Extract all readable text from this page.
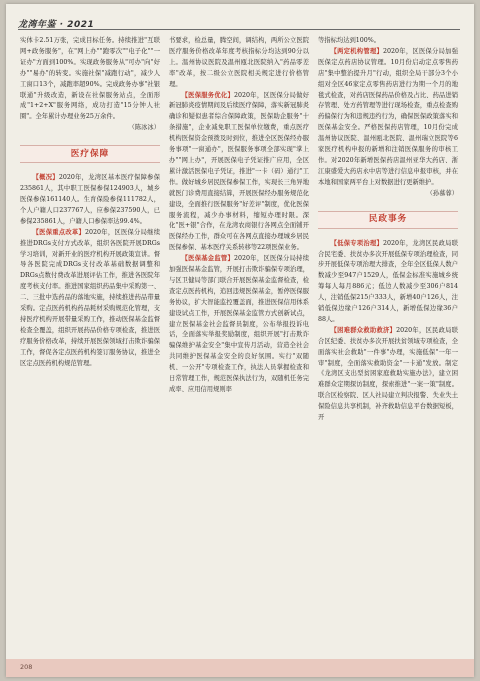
龙湾年鉴 · 2021

实体卡2.51万张，完成目标任务。持续推进"互联网+政务服务"，在"网上办""跑零次""电子化""一证办"方面到100%。实现政务服务从"可办"向"好办""易办"的转变。实施社保"减跑行动"，减少人工窗口13个，减跑率超90%。完成政务办事"社银联通"升级改造，新设在社保服务站点，全面形成"1+2+X"服务网络，成功打造"15分钟人社圈"。全年累计办理业务25万余件。

（陈冰冰）

医疗保障

【概况】2020年，龙湾区基本医疗保障参保235861人，其中职工医保参保124903人，城乡医保参保161140人。生育保险参保111782人，个人户籍人口237767人，应参保237590人，已参保235861人，户籍人口参保率达99.4%。

【医保重点改革】2020年，区医保分局继续推进DRGs支付方式改革，组织各医院开展DRGs学习培训，对新开业的医疗机构开展政策宣讲。督导各医院完成DRGs支付改革基础数据调整和DRGs点数付费改革进展评估工作，推进各医院年度考核支付率。推进国家组织药品集中采购第一、二、三批中选药品的落地实施，持续推进药品带量采购。定点医药机构药品耗材采购规范化管理，支持医疗机构开展带量采购工作，推动医保基金监督检查全覆盖，组织开展药品价格专项检查，推进医疗服务价格改革，持续开展医保领域打击欺诈骗保工作，督促各定点医药机构签订服务协议，推进全区定点医药机构规范管理。

书要求，检总量，腾空间，调结构，两所公立医院医疗服务价格改革年度考核指标分均达到90分以上。温州协议医院及温州瓯北医院纳入"药品零差率"改革，按二级公立医院相关规定进行价格管理。

【医保服务优化】2020年，区医保分局做好新冠肺炎疫情期间及后续医疗保障，落实新冠肺炎确诊和疑似患者综合保障政策，医保助企服务"十条措施"，企业减免职工医保单位缴费，重点医疗机构医保资金预拨及时到位，推进全区医保经办服务事项"一窗通办"，医保服务事项全部实现"掌上办""网上办"，开展医保电子凭证推广应用，全区累计激活医保电子凭证，推进"一卡（码）通行"工作。做好城乡居民医保参保工作，实现长三角异地就医门诊费用直接结算，开展医保经办服务规范化建设，全面推行医保服务"好差评"制度，优化医保服务流程，减少办事材料，缩短办理时限。深化"医+银"合作，在龙湾农商银行各网点全面铺开医保经办工作，群众可在各网点直接办理城乡居民医保参保、基本医疗关系转移等22项医保业务。

【医保基金监管】2020年，区医保分局持续加强医保基金监管，开展打击欺诈骗保专项治理，与区卫健局等部门联合开展医保基金监督检查，检查定点医药机构，追回违规医保基金，暂停医保服务协议，扩大智能监控覆盖面，推进医保信用体系建设试点工作，开展医保基金监管方式创新试点，建立医保基金社会监督员制度，公布举报投诉电话，全面落实举报奖励制度，组织开展"打击欺诈骗保维护基金安全"集中宣传月活动，营造全社会共同维护医保基金安全的良好氛围。实行"双随机、一公开"专项检查工作，执法人员掌握检查和日常管理工作，规范医保执法行为，双随机任务完成率、应用信用规则率

等指标均达到100%。

【两定机构管理】2020年，区医保分局加强医保定点药店协议管理。10月份启动定点零售药店"集中整治提升月"行动，组织全局干部分3个小组对全区46家定点零售药店进行为期一个月的地毯式检查，对药店医保药品价格及占比、药品进销存管理、处方药管理等进行现场检查，重点检查购药偏保行为和违规违约行为，确保医保政策落实和医保基金安全。严格医保药店管理，10月份完成温州协议医院、温州瓯北医院、温州瑞立医院等6家医疗机构申报的新增和注销医保服务的审核工作。对2020年新增医保药店温州亚华大药店、浙江康盛爱大药店永中店等进行信息申报审核，并在本地和国家两平台上对数据进行更新维护。

（孙慕蓉）

民政事务

【低保专项治理】2020年，龙湾区民政局联合民宅委、扶贫办多次开展低保专项治理检查，同步开展低保专项治理大排查，全年全区低保人数户数减少至947户1529人，低保金标准实施城乡统筹每人每月886元；低边人数减少至306户814人，注销低保215户333人，新增40户126人，注销低保边缘户126户314人，新增低保边缘36户88人。

【困难群众救助救济】2020年，区民政局联合区纪委、扶贫办多次开展扶贫领域专项检查，全面落实社会救助"一件事"办理，实施低保"一年一审"制度，全面落实救助资金"一卡通"发放。制定《龙湾区支出型贫困家庭救助实施办法》，建立困难群众定期探访制度，探索推进"一案一策"制度。联合区检察院、区人社局建立判决报警、失业失土保险信息共享机制，补齐救助信息平台数据短板，开

208
